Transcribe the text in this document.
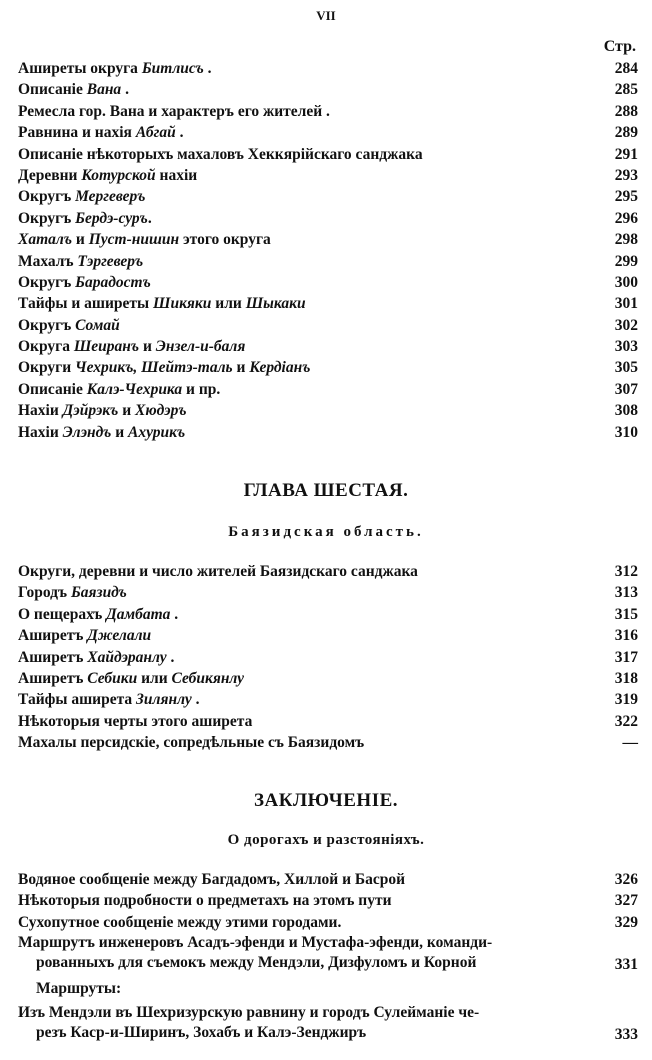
VII
Стр.
Аширеты округа Битлисъ .	284
Описаніе Вана .	285
Ремесла гор. Вана и характеръ его жителей .	288
Равнина и нахія Абгай .	289
Описаніе нѣкоторыхъ махаловъ Хеккярійскаго санджака	291
Деревни Котурской нахіи	293
Округъ Мергеверъ	295
Округъ Бердэ-суръ.	296
Хаталъ и Пуст-нишин этого округа	298
Махалъ Тэргеверъ	299
Округъ Барадостъ	300
Тайфы и аширеты Шикяки или Шыкаки	301
Округъ Сомай	302
Округа Шеиранъ и Энзел-и-баля	303
Округи Чехрикъ, Шейтэ-таль и Кердіанъ	305
Описаніе Калэ-Чехрика и пр.	307
Нахіи Дэйрэкъ и Хюдэръ	308
Нахіи Элэндъ и Ахурикъ	310
ГЛАВА ШЕСТАЯ.
Баязидская область.
Округи, деревни и число жителей Баязидскаго санджака	312
Городъ Баязидъ	313
О пещерахъ Дамбата .	315
Аширетъ Джелали	316
Аширетъ Хайдэранлу .	317
Аширетъ Себики или Себикянлу	318
Тайфы аширета Зилянлу .	319
Нѣкоторыя черты этого аширета	322
Махалы персидскіе, сопредѣльные съ Баязидомъ	—
ЗАКЛЮЧЕНІЕ.
О дорогахъ и разстояніяхъ.
Водяное сообщеніе между Багдадомъ, Хиллой и Басрой	326
Нѣкоторыя подробности о предметахъ на этомъ пути	327
Сухопутное сообщеніе между этими городами.	329
Маршрутъ инженеровъ Асадъ-эфенди и Мустафа-эфенди, команди-
рованныхъ для съемокъ между Мендэли, Дизфуломъ и Корной	331
Маршруты:
Изъ Мендэли въ Шехризурскую равнину и городъ Сулейманіе че-
резъ Каср-и-Ширинъ, Зохабъ и Калэ-Зенджиръ	333
